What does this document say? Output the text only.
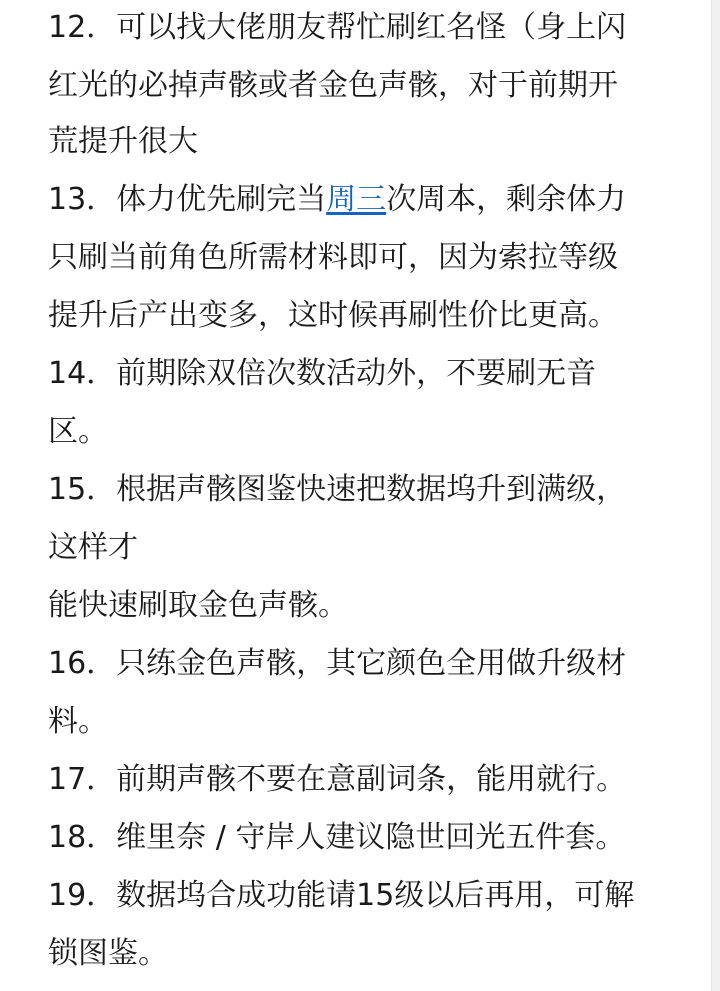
12．可以找大佬朋友帮忙刷红名怪（身上闪
红光的必掉声骸或者金色声骸，对于前期开
荒提升很大
13．体力优先刷完当周三次周本，剩余体力
只刷当前角色所需材料即可，因为索拉等级
提升后产出变多，这时候再刷性价比更高。
14．前期除双倍次数活动外，不要刷无音
区。
15．根据声骸图鉴快速把数据坞升到满级，
这样才
能快速刷取金色声骸。
16．只练金色声骸，其它颜色全用做升级材
料。
17．前期声骸不要在意副词条，能用就行。
18．维里奈 / 守岸人建议隐世回光五件套。
19．数据坞合成功能请15级以后再用，可解
锁图鉴。
